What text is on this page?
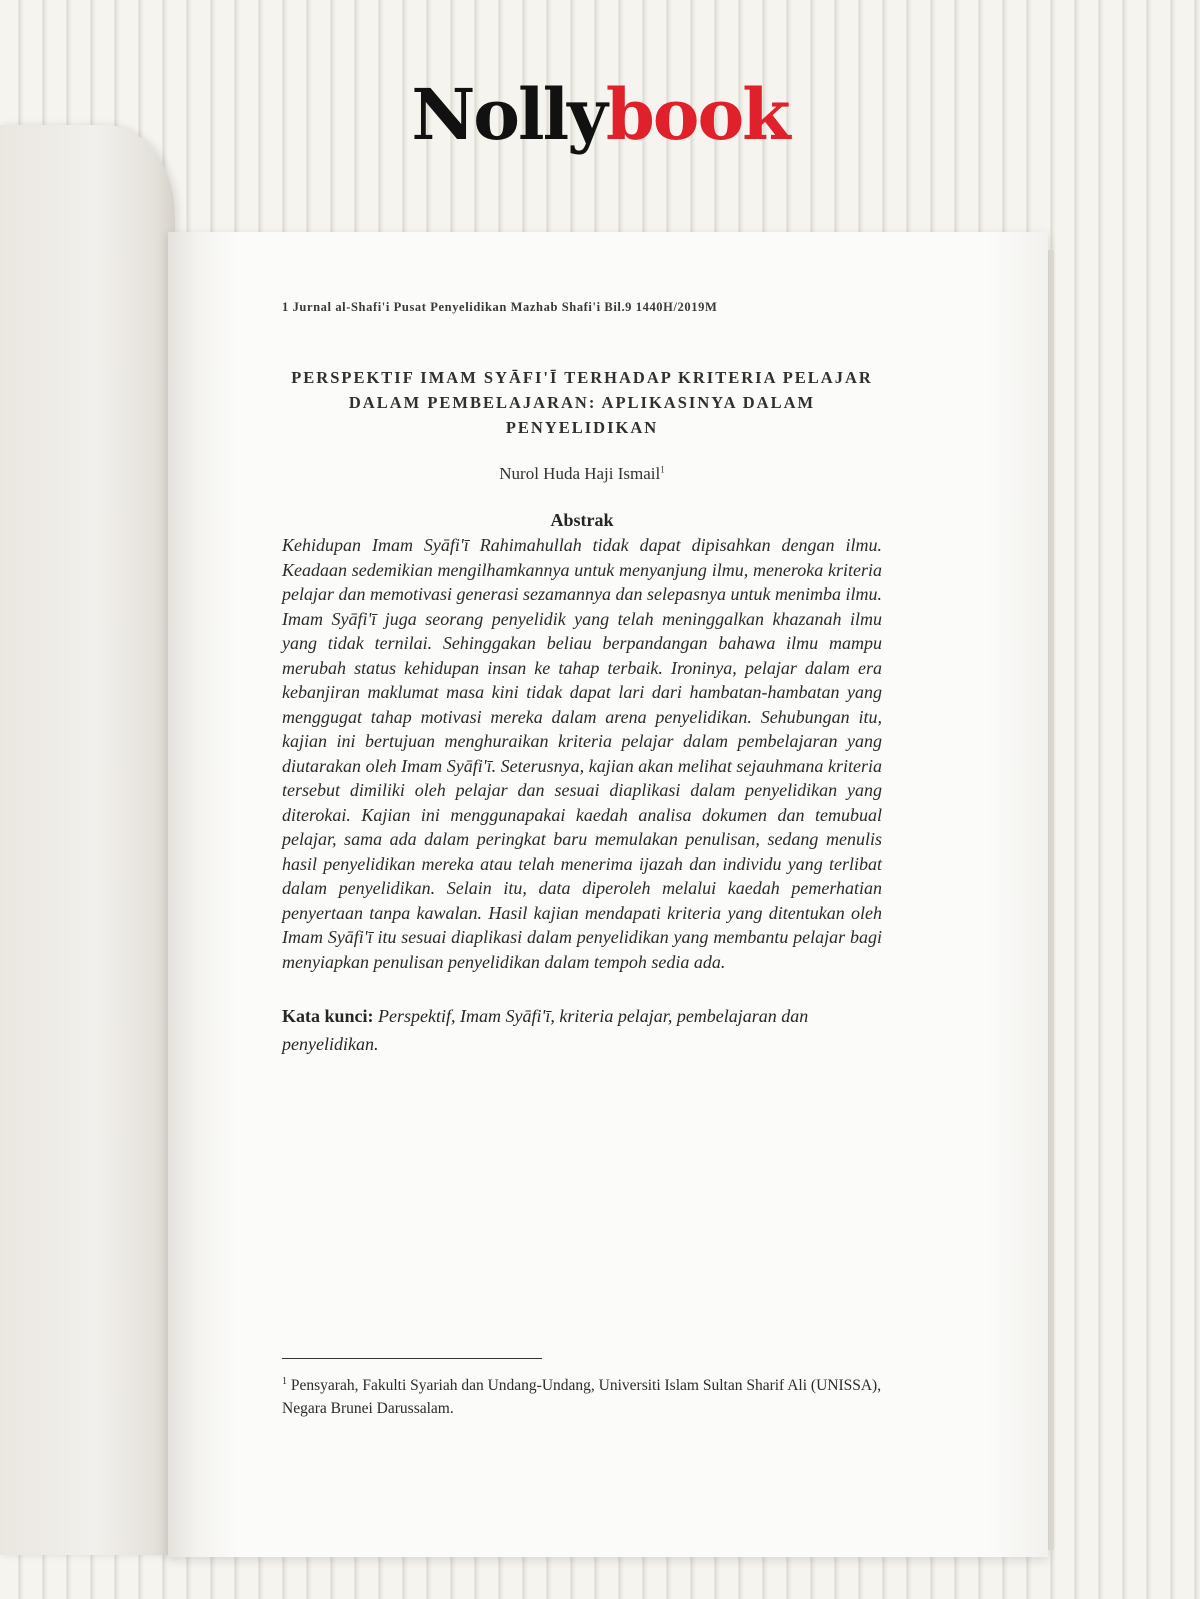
Nollybook

1 Jurnal al-Shafi'i Pusat Penyelidikan Mazhab Shafi'i Bil.9 1440H/2019M

PERSPEKTIF IMAM SYĀFI'Ī TERHADAP KRITERIA PELAJAR DALAM PEMBELAJARAN: APLIKASINYA DALAM PENYELIDIKAN

Nurol Huda Haji Ismail$^1$

Abstrak

Kehidupan Imam Syāfi'ī Rahimahullah tidak dapat dipisahkan dengan ilmu. Keadaan sedemikian mengilhamkannya untuk menyanjung ilmu, meneroka kriteria pelajar dan memotivasi generasi sezamannya dan selepasnya untuk menimba ilmu. Imam Syāfi'ī juga seorang penyelidik yang telah meninggalkan khazanah ilmu yang tidak ternilai. Sehinggakan beliau berpandangan bahawa ilmu mampu merubah status kehidupan insan ke tahap terbaik. Ironinya, pelajar dalam era kebanjiran maklumat masa kini tidak dapat lari dari hambatan-hambatan yang menggugat tahap motivasi mereka dalam arena penyelidikan. Sehubungan itu, kajian ini bertujuan menghuraikan kriteria pelajar dalam pembelajaran yang diutarakan oleh Imam Syāfi'ī. Seterusnya, kajian akan melihat sejauhmana kriteria tersebut dimiliki oleh pelajar dan sesuai diaplikasi dalam penyelidikan yang diterokai. Kajian ini menggunapakai kaedah analisa dokumen dan temubual pelajar, sama ada dalam peringkat baru memulakan penulisan, sedang menulis hasil penyelidikan mereka atau telah menerima ijazah dan individu yang terlibat dalam penyelidikan. Selain itu, data diperoleh melalui kaedah pemerhatian penyertaan tanpa kawalan. Hasil kajian mendapati kriteria yang ditentukan oleh Imam Syāfi'ī itu sesuai diaplikasi dalam penyelidikan yang membantu pelajar bagi menyiapkan penulisan penyelidikan dalam tempoh sedia ada.

Kata kunci: Perspektif, Imam Syāfi'ī, kriteria pelajar, pembelajaran dan penyelidikan.

$^1$ Pensyarah, Fakulti Syariah dan Undang-Undang, Universiti Islam Sultan Sharif Ali (UNISSA), Negara Brunei Darussalam.
